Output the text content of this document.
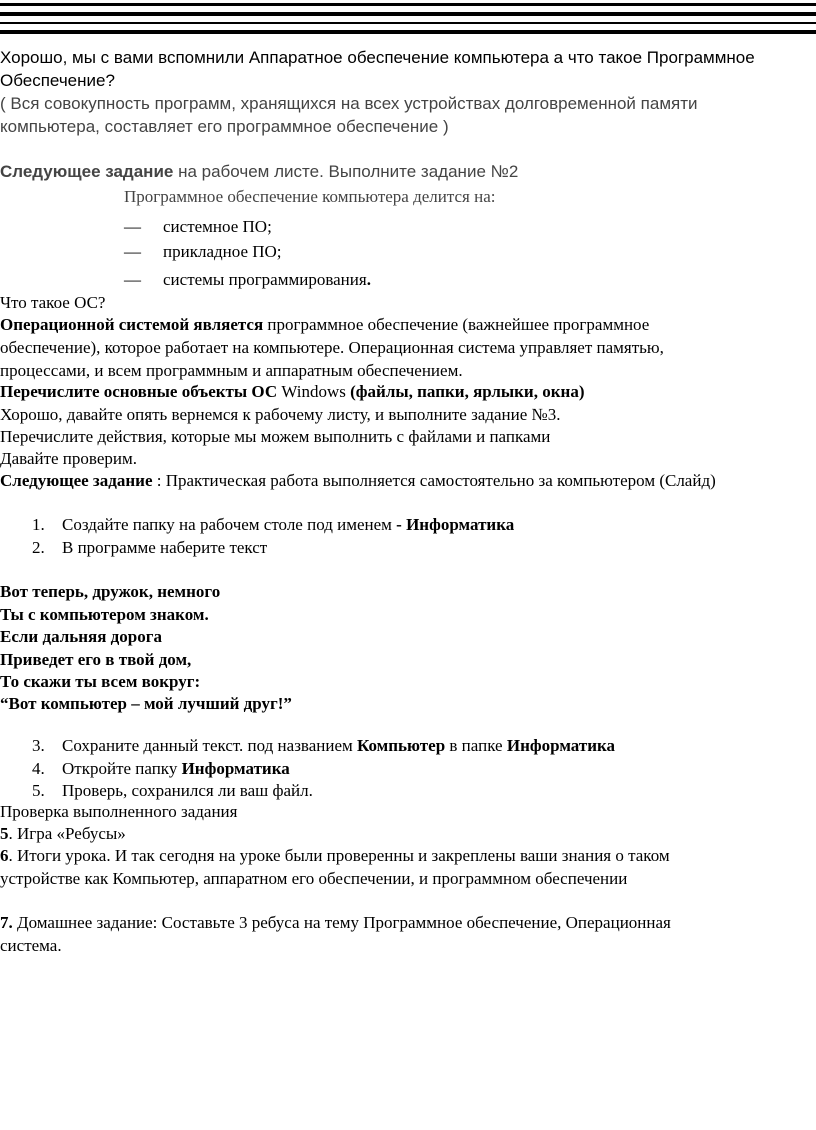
Хорошо, мы с вами вспомнили Аппаратное обеспечение компьютера а что такое Программное
Обеспечение?
( Вся совокупность программ, хранящихся на всех устройствах долговременной памяти
компьютера, составляет его программное обеспечение )
Следующее задание на рабочем листе. Выполните задание №2
Программное обеспечение компьютера делится на:
— системное ПО;
— прикладное ПО;
— системы программирования.
Что такое ОС?
Операционной системой является программное обеспечение (важнейшее программное
обеспечение), которое работает на компьютере. Операционная система управляет памятью,
процессами, и всем программным и аппаратным обеспечением.
Перечислите основные объекты ОС Windows (файлы, папки, ярлыки, окна)
Хорошо, давайте опять вернемся к рабочему листу, и выполните задание №3.
Перечислите действия, которые мы можем выполнить с файлами и папками
Давайте проверим.
Следующее задание : Практическая работа выполняется самостоятельно за компьютером (Слайд)
1. Создайте папку на рабочем столе под именем - Информатика
2. В программе наберите текст
Вот теперь, дружок, немного
Ты с компьютером знаком.
Если дальняя дорога
Приведет его в твой дом,
То скажи ты всем вокруг:
“Вот компьютер – мой лучший друг!”
3. Сохраните данный текст. под названием Компьютер в папке Информатика
4. Откройте папку Информатика
5. Проверь, сохранился ли ваш файл.
Проверка выполненного задания
5. Игра «Ребусы»
6. Итоги урока. И так сегодня на уроке были проверенны и закреплены ваши знания о таком
устройстве как Компьютер, аппаратном его обеспечении, и программном обеспечении
7. Домашнее задание: Составьте 3 ребуса на тему Программное обеспечение, Операционная
система.
